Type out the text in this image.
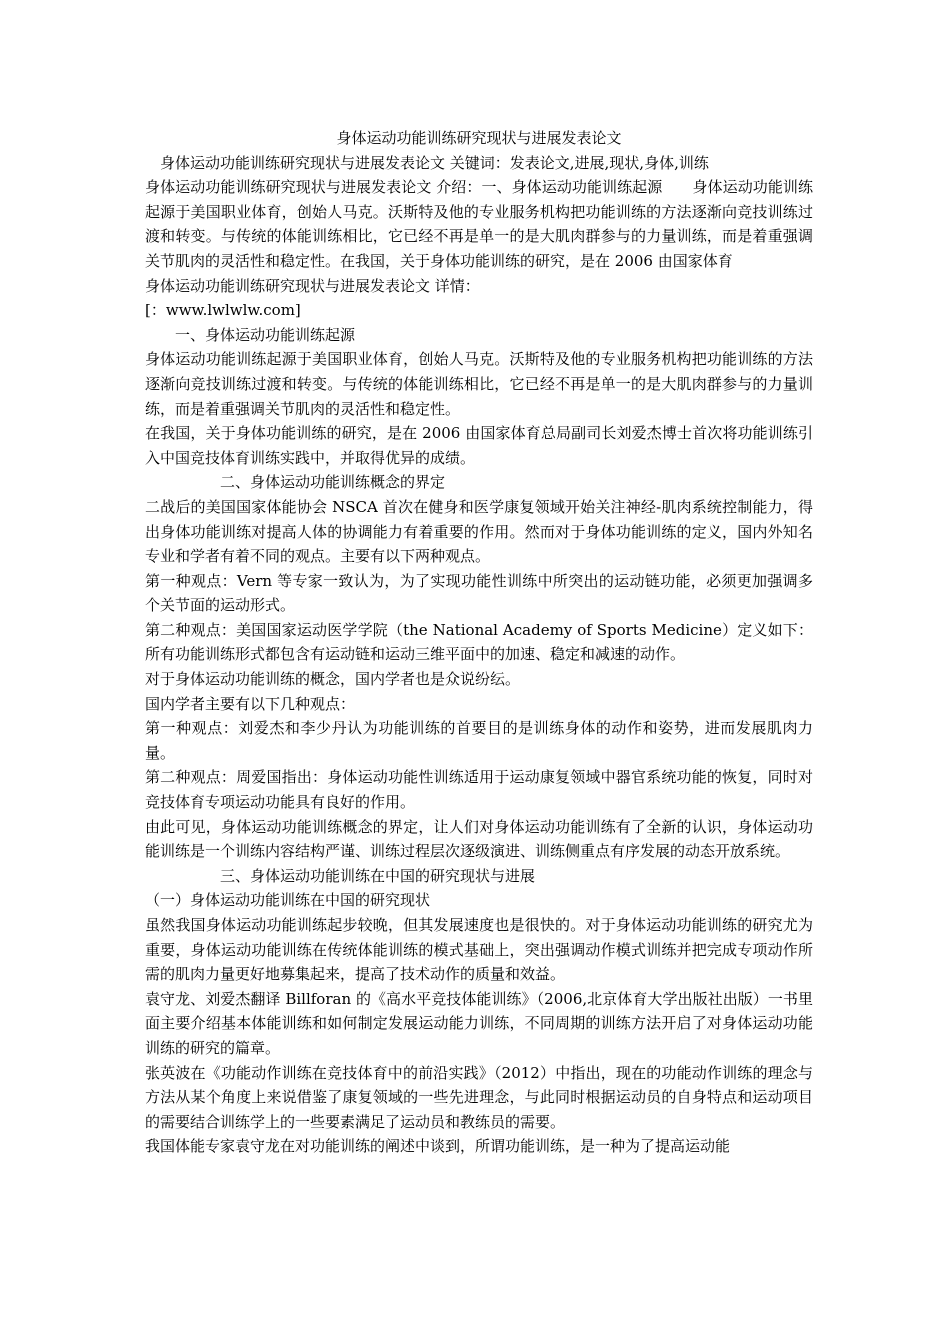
身体运动功能训练研究现状与进展发表论文

身体运动功能训练研究现状与进展发表论文 关键词：发表论文,进展,现状,身体,训练

身体运动功能训练研究现状与进展发表论文 介绍：一、身体运动功能训练起源　　身体运动功能训练起源于美国职业体育，创始人马克。沃斯特及他的专业服务机构把功能训练的方法逐渐向竞技训练过渡和转变。与传统的体能训练相比，它已经不再是单一的是大肌肉群参与的力量训练，而是着重强调关节肌肉的灵活性和稳定性。在我国，关于身体功能训练的研究，是在 2006 由国家体育

身体运动功能训练研究现状与进展发表论文 详情：

[：www.lwlwlw.com]

一、身体运动功能训练起源

身体运动功能训练起源于美国职业体育，创始人马克。沃斯特及他的专业服务机构把功能训练的方法逐渐向竞技训练过渡和转变。与传统的体能训练相比，它已经不再是单一的是大肌肉群参与的力量训练，而是着重强调关节肌肉的灵活性和稳定性。

在我国，关于身体功能训练的研究，是在 2006 由国家体育总局副司长刘爱杰博士首次将功能训练引入中国竞技体育训练实践中，并取得优异的成绩。

二、身体运动功能训练概念的界定

二战后的美国国家体能协会 NSCA 首次在健身和医学康复领域开始关注神经-肌肉系统控制能力，得出身体功能训练对提高人体的协调能力有着重要的作用。然而对于身体功能训练的定义，国内外知名专业和学者有着不同的观点。主要有以下两种观点。

第一种观点：Vern 等专家一致认为，为了实现功能性训练中所突出的运动链功能，必须更加强调多个关节面的运动形式。

第二种观点：美国国家运动医学学院（the National Academy of Sports Medicine）定义如下：所有功能训练形式都包含有运动链和运动三维平面中的加速、稳定和减速的动作。

对于身体运动功能训练的概念，国内学者也是众说纷纭。

国内学者主要有以下几种观点：

第一种观点：刘爱杰和李少丹认为功能训练的首要目的是训练身体的动作和姿势，进而发展肌肉力量。

第二种观点：周爱国指出：身体运动功能性训练适用于运动康复领域中器官系统功能的恢复，同时对竞技体育专项运动功能具有良好的作用。

由此可见，身体运动功能训练概念的界定，让人们对身体运动功能训练有了全新的认识，身体运动功能训练是一个训练内容结构严谨、训练过程层次逐级演进、训练侧重点有序发展的动态开放系统。

三、身体运动功能训练在中国的研究现状与进展

（一）身体运动功能训练在中国的研究现状

虽然我国身体运动功能训练起步较晚，但其发展速度也是很快的。对于身体运动功能训练的研究尤为重要，身体运动功能训练在传统体能训练的模式基础上，突出强调动作模式训练并把完成专项动作所需的肌肉力量更好地募集起来，提高了技术动作的质量和效益。

袁守龙、刘爱杰翻译 Billforan 的《高水平竞技体能训练》（2006,北京体育大学出版社出版）一书里面主要介绍基本体能训练和如何制定发展运动能力训练，不同周期的训练方法开启了对身体运动功能训练的研究的篇章。

张英波在《功能动作训练在竞技体育中的前沿实践》（2012）中指出，现在的功能动作训练的理念与方法从某个角度上来说借鉴了康复领域的一些先进理念，与此同时根据运动员的自身特点和运动项目的需要结合训练学上的一些要素满足了运动员和教练员的需要。

我国体能专家袁守龙在对功能训练的阐述中谈到，所谓功能训练，是一种为了提高运动能
